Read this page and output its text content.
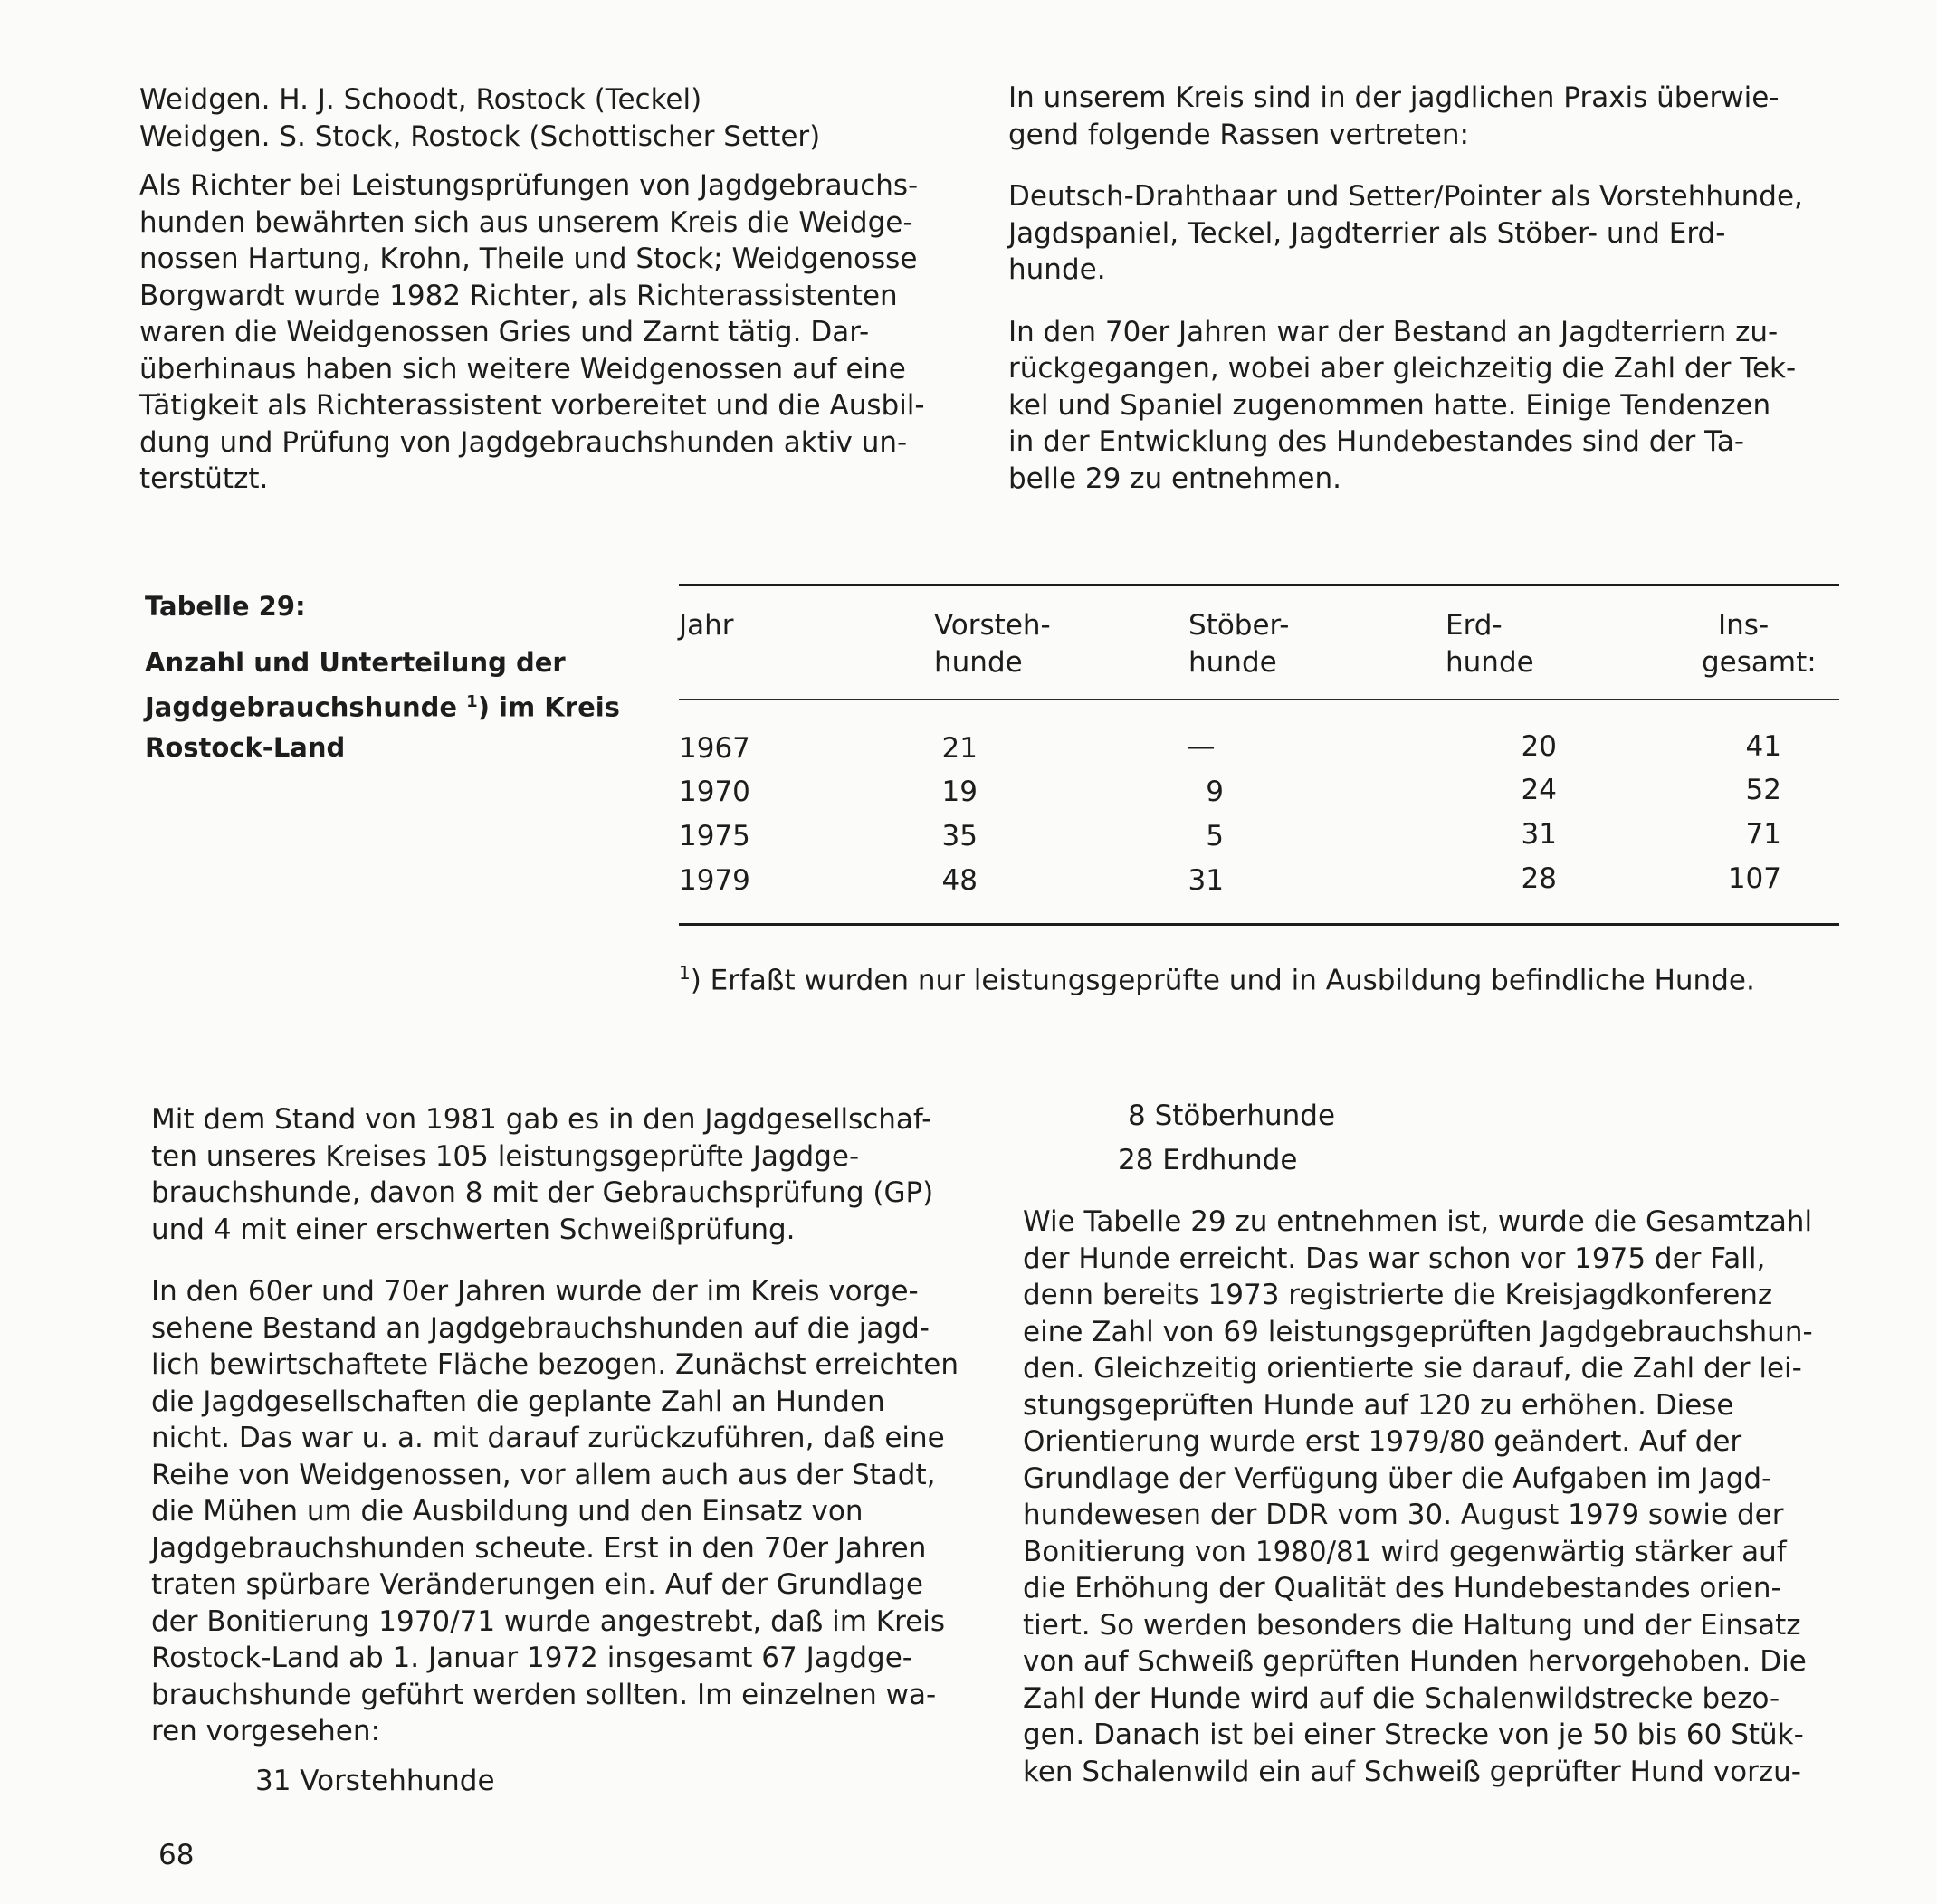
Weidgen. H. J. Schoodt, Rostock (Teckel)
Weidgen. S. Stock, Rostock (Schottischer Setter)

Als Richter bei Leistungsprüfungen von Jagdgebrauchs-
hunden bewährten sich aus unserem Kreis die Weidge-
nossen Hartung, Krohn, Theile und Stock; Weidgenosse
Borgwardt wurde 1982 Richter, als Richterassistenten
waren die Weidgenossen Gries und Zarnt tätig. Dar-
überhinaus haben sich weitere Weidgenossen auf eine
Tätigkeit als Richterassistent vorbereitet und die Ausbil-
dung und Prüfung von Jagdgebrauchshunden aktiv un-
terstützt.

In unserem Kreis sind in der jagdlichen Praxis überwie-
gend folgende Rassen vertreten:

Deutsch-Drahthaar und Setter/Pointer als Vorstehhunde,
Jagdspaniel, Teckel, Jagdterrier als Stöber- und Erd-
hunde.

In den 70er Jahren war der Bestand an Jagdterriern zu-
rückgegangen, wobei aber gleichzeitig die Zahl der Tek-
kel und Spaniel zugenommen hatte. Einige Tendenzen
in der Entwicklung des Hundebestandes sind der Ta-
belle 29 zu entnehmen.

Tabelle 29:

Anzahl und Unterteilung der
Jagdgebrauchshunde $^1$) im Kreis
Rostock-Land

Jahr	Vorsteh-
hunde
Stöber-
hunde
Erd-
hunde
Ins-
gesamt:
1967	21	—	20	41
1970	19	9	24	52
1975	35	5	31	71
1979	48	31	28	107
$^1$) Erfaßt wurden nur leistungsgeprüfte und in Ausbildung befindliche Hunde.

Mit dem Stand von 1981 gab es in den Jagdgesellschaf-
ten unseres Kreises 105 leistungsgeprüfte Jagdge-
brauchshunde, davon 8 mit der Gebrauchsprüfung (GP)
und 4 mit einer erschwerten Schweißprüfung.

In den 60er und 70er Jahren wurde der im Kreis vorge-
sehene Bestand an Jagdgebrauchshunden auf die jagd-
lich bewirtschaftete Fläche bezogen. Zunächst erreichten
die Jagdgesellschaften die geplante Zahl an Hunden
nicht. Das war u. a. mit darauf zurückzuführen, daß eine
Reihe von Weidgenossen, vor allem auch aus der Stadt,
die Mühen um die Ausbildung und den Einsatz von
Jagdgebrauchshunden scheute. Erst in den 70er Jahren
traten spürbare Veränderungen ein. Auf der Grundlage
der Bonitierung 1970/71 wurde angestrebt, daß im Kreis
Rostock-Land ab 1. Januar 1972 insgesamt 67 Jagdge-
brauchshunde geführt werden sollten. Im einzelnen wa-
ren vorgesehen:

31 Vorstehhunde

8 Stöberhunde
28 Erdhunde

Wie Tabelle 29 zu entnehmen ist, wurde die Gesamtzahl
der Hunde erreicht. Das war schon vor 1975 der Fall,
denn bereits 1973 registrierte die Kreisjagdkonferenz
eine Zahl von 69 leistungsgeprüften Jagdgebrauchshun-
den. Gleichzeitig orientierte sie darauf, die Zahl der lei-
stungsgeprüften Hunde auf 120 zu erhöhen. Diese
Orientierung wurde erst 1979/80 geändert. Auf der
Grundlage der Verfügung über die Aufgaben im Jagd-
hundewesen der DDR vom 30. August 1979 sowie der
Bonitierung von 1980/81 wird gegenwärtig stärker auf
die Erhöhung der Qualität des Hundebestandes orien-
tiert. So werden besonders die Haltung und der Einsatz
von auf Schweiß geprüften Hunden hervorgehoben. Die
Zahl der Hunde wird auf die Schalenwildstrecke bezo-
gen. Danach ist bei einer Strecke von je 50 bis 60 Stük-
ken Schalenwild ein auf Schweiß geprüfter Hund vorzu-

68
